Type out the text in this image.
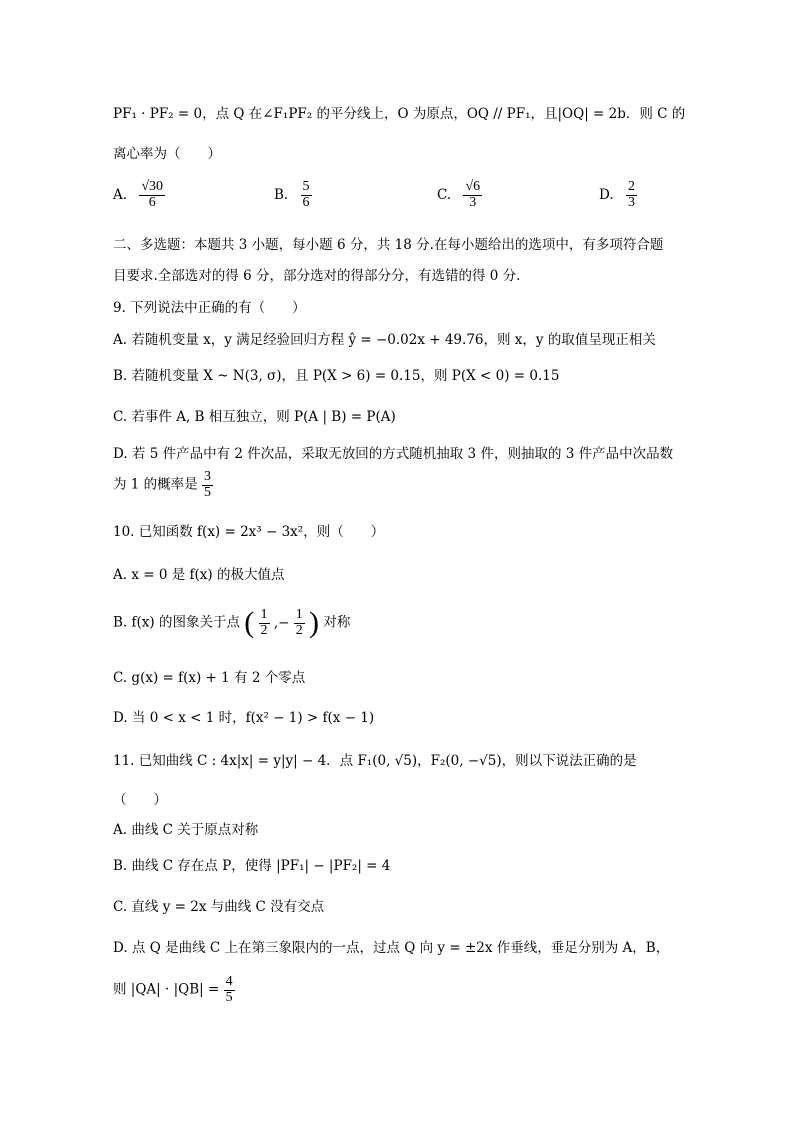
PF₁ · PF₂ = 0，点 Q 在∠F₁PF₂ 的平分线上，O 为原点，OQ // PF₁，且|OQ| = 2b．则 C 的
离心率为（　　）
A. $\frac{√30}{6}$	B. $\frac{5}{6}$	C. $\frac{√6}{3}$	D. $\frac{2}{3}$
二、多选题：本题共 3 小题，每小题 6 分，共 18 分.在每小题给出的选项中，有多项符合题
目要求.全部选对的得 6 分，部分选对的得部分分，有选错的得 0 分.
9. 下列说法中正确的有（　　）
A. 若随机变量 x，y 满足经验回归方程 ŷ = −0.02x + 49.76，则 x，y 的取值呈现正相关
B. 若随机变量 X ~ N(3, σ)，且 P(X > 6) = 0.15，则 P(X < 0) = 0.15
C. 若事件 A, B 相互独立，则 P(A | B) = P(A)
D. 若 5 件产品中有 2 件次品，采取无放回的方式随机抽取 3 件，则抽取的 3 件产品中次品数
为 1 的概率是 $\frac{3}{5}$
10. 已知函数 f(x) = 2x³ − 3x²，则（　　）
A. x = 0 是 f(x) 的极大值点
B. f(x) 的图象关于点 ( $\frac{1}{2}$ ,− $\frac{1}{2}$ ) 对称
C. g(x) = f(x) + 1 有 2 个零点
D. 当 0 < x < 1 时，f(x² − 1) > f(x − 1)
11. 已知曲线 C : 4x|x| = y|y| − 4．点 F₁(0, √5)，F₂(0, −√5)，则以下说法正确的是
（　　）
A. 曲线 C 关于原点对称
B. 曲线 C 存在点 P，使得 |PF₁| − |PF₂| = 4
C. 直线 y = 2x 与曲线 C 没有交点
D. 点 Q 是曲线 C 上在第三象限内的一点，过点 Q 向 y = ±2x 作垂线，垂足分别为 A，B，
则 $|QA| \cdot |QB| = \frac{4}{5}$
